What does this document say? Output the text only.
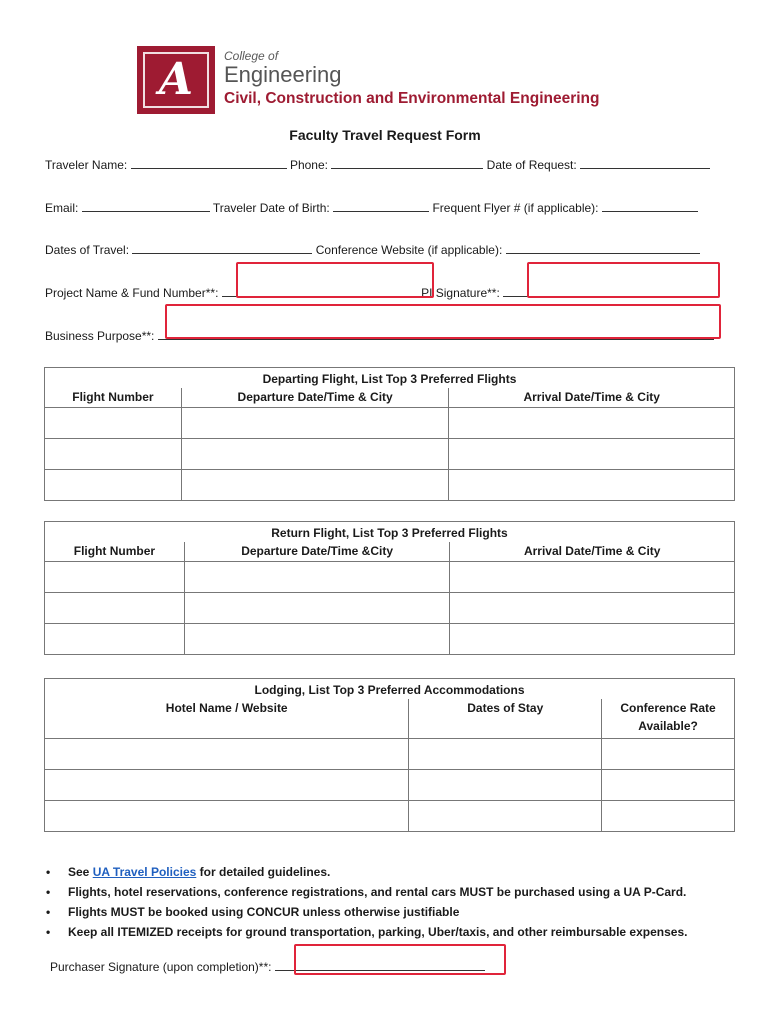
A	College of
Engineering
Civil, Construction and Environmental Engineering
Faculty Travel Request Form
Traveler Name:	Phone:	Date of Request:
Email:	Traveler Date of Birth:	Frequent Flyer # (if applicable):
Dates of Travel:	Conference Website (if applicable):
Project Name & Fund Number**:	PI Signature**:
Business Purpose**:
Departing Flight, List Top 3 Preferred Flights		
Flight Number	Departure Date/Time & City	Arrival Date/Time & City

Return Flight, List Top 3 Preferred Flights		
Flight Number	Departure Date/Time &City	Arrival Date/Time & City

Lodging, List Top 3 Preferred Accommodations		
Hotel Name / Website	Dates of Stay	Conference Rate
Available?

• See UA Travel Policies for detailed guidelines.
• Flights, hotel reservations, conference registrations, and rental cars MUST be purchased using a UA P-Card.
• Flights MUST be booked using CONCUR unless otherwise justifiable
• Keep all ITEMIZED receipts for ground transportation, parking, Uber/taxis, and other reimbursable expenses.
Purchaser Signature (upon completion)**:
